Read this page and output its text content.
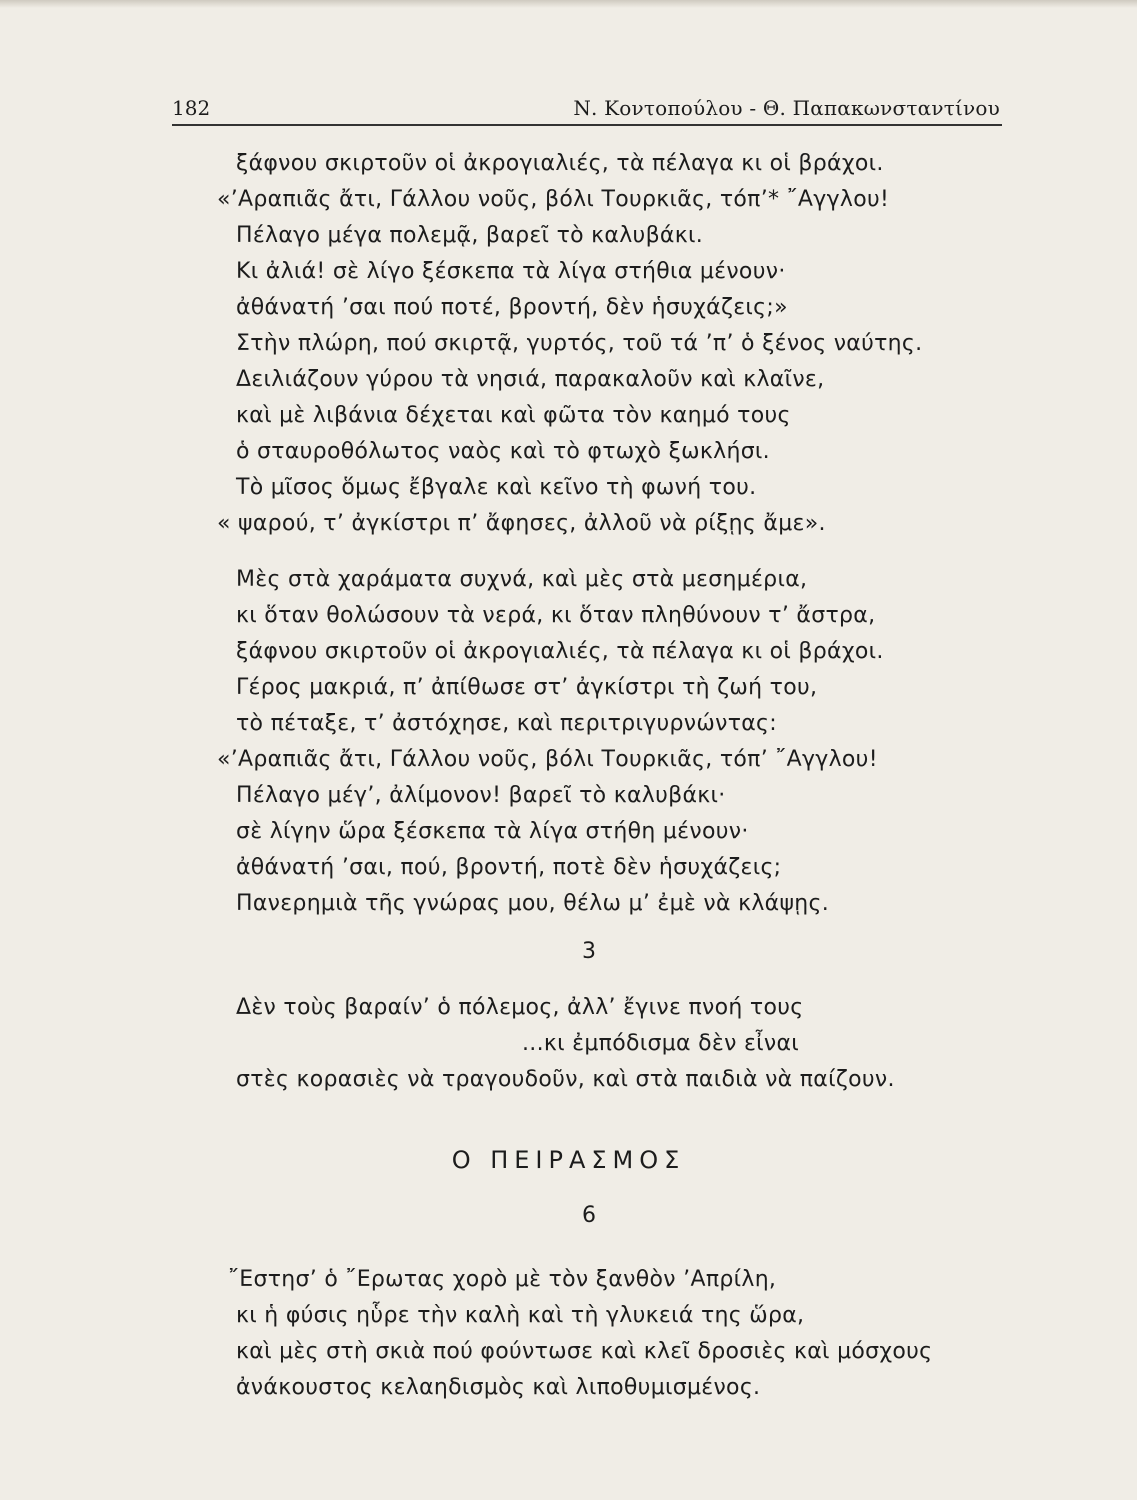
182	Ν. Κοντοπούλου - Θ. Παπακωνσταντίνου
ξάφνου σκιρτοῦν οἱ ἀκρογιαλιές, τὰ πέλαγα κι οἱ βράχοι.
«’Αραπιᾶς ἄτι, Γάλλου νοῦς, βόλι Τουρκιᾶς, τόπ’* ῎Αγγλου!
Πέλαγο μέγα πολεμᾷ, βαρεῖ τὸ καλυβάκι.
Κι ἀλιά! σὲ λίγο ξέσκεπα τὰ λίγα στήθια μένουν·
ἀθάνατή ’σαι πού ποτέ, βροντή, δὲν ἡσυχάζεις;»
Στὴν πλώρη, πού σκιρτᾷ, γυρτός, τοῦ τά ’π’ ὁ ξένος ναύτης.
Δειλιάζουν γύρου τὰ νησιά, παρακαλοῦν καὶ κλαῖνε,
καὶ μὲ λιβάνια δέχεται καὶ φῶτα τὸν καημό τους
ὁ σταυροθόλωτος ναὸς καὶ τὸ φτωχὸ ξωκλήσι.
Τὸ μῖσος ὅμως ἔβγαλε καὶ κεῖνο τὴ φωνή του.
« ψαρού, τ’ ἀγκίστρι π’ ἄφησες, ἀλλοῦ νὰ ρίξῃς ἄμε».
Μὲς στὰ χαράματα συχνά, καὶ μὲς στὰ μεσημέρια,
κι ὅταν θολώσουν τὰ νερά, κι ὅταν πληθύνουν τ’ ἄστρα,
ξάφνου σκιρτοῦν οἱ ἀκρογιαλιές, τὰ πέλαγα κι οἱ βράχοι.
Γέρος μακριά, π’ ἀπίθωσε στ’ ἀγκίστρι τὴ ζωή του,
τὸ πέταξε, τ’ ἀστόχησε, καὶ περιτριγυρνώντας:
«’Αραπιᾶς ἄτι, Γάλλου νοῦς, βόλι Τουρκιᾶς, τόπ’ ῎Αγγλου!
Πέλαγο μέγ’, ἀλίμονον! βαρεῖ τὸ καλυβάκι·
σὲ λίγην ὥρα ξέσκεπα τὰ λίγα στήθη μένουν·
ἀθάνατή ’σαι, πού, βροντή, ποτὲ δὲν ἡσυχάζεις;
Πανερημιὰ τῆς γνώρας μου, θέλω μ’ ἐμὲ νὰ κλάψῃς.
3
Δὲν τοὺς βαραίν’ ὁ πόλεμος, ἀλλ’ ἔγινε πνοή τους
...κι ἐμπόδισμα δὲν εἶναι
στὲς κορασιὲς νὰ τραγουδοῦν, καὶ στὰ παιδιὰ νὰ παίζουν.
Ο ΠΕΙΡΑΣΜΟΣ
6
῎Εστησ’ ὁ ῎Ερωτας χορὸ μὲ τὸν ξανθὸν ’Απρίλη,
κι ἡ φύσις ηὗρε τὴν καλὴ καὶ τὴ γλυκειά της ὥρα,
καὶ μὲς στὴ σκιὰ πού φούντωσε καὶ κλεῖ δροσιὲς καὶ μόσχους
ἀνάκουστος κελαηδισμὸς καὶ λιποθυμισμένος.
